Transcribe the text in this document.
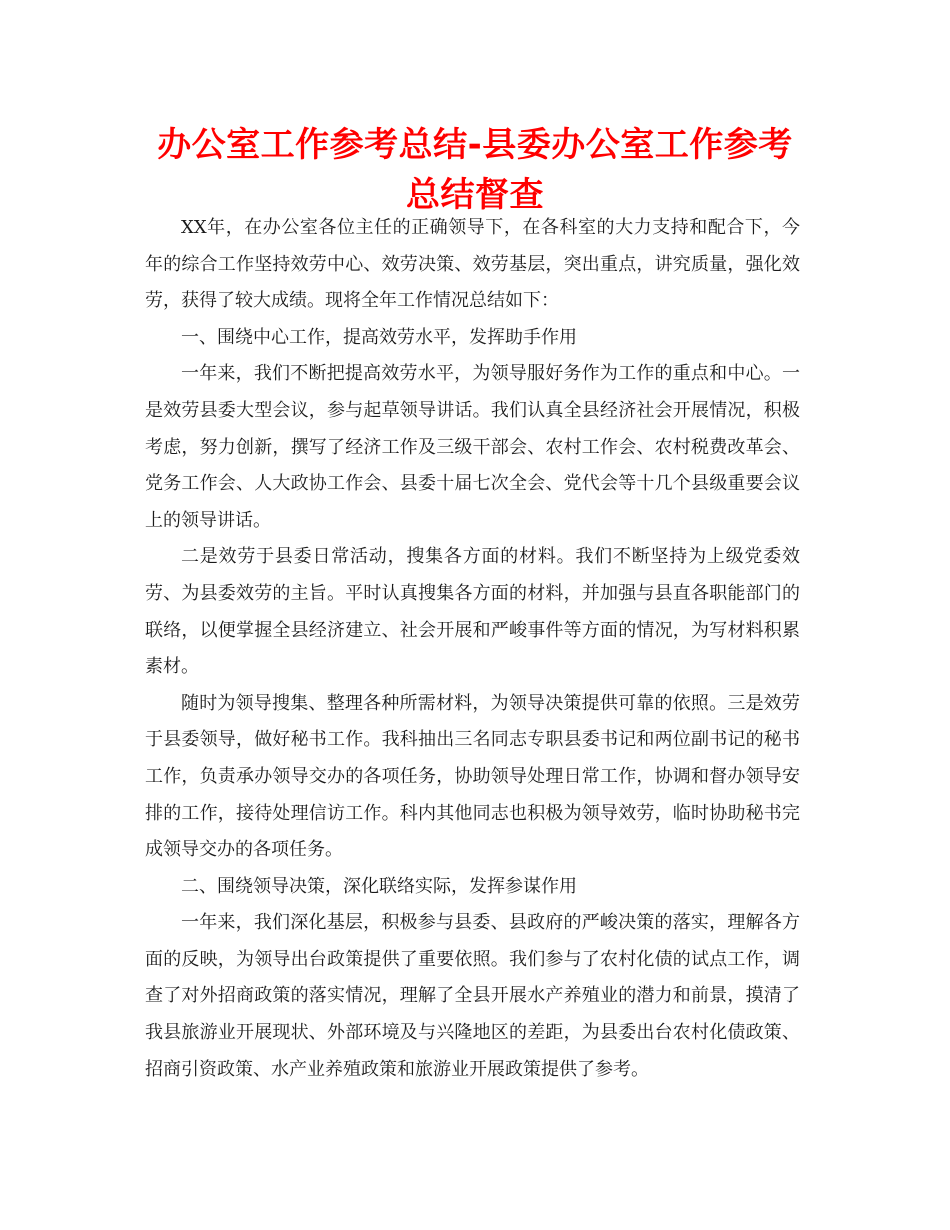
办公室工作参考总结-县委办公室工作参考总结督查

XX年，在办公室各位主任的正确领导下，在各科室的大力支持和配合下，今年的综合工作坚持效劳中心、效劳决策、效劳基层，突出重点，讲究质量，强化效劳，获得了较大成绩。现将全年工作情况总结如下：

一、围绕中心工作，提高效劳水平，发挥助手作用

一年来，我们不断把提高效劳水平，为领导服好务作为工作的重点和中心。一是效劳县委大型会议，参与起草领导讲话。我们认真全县经济社会开展情况，积极考虑，努力创新，撰写了经济工作及三级干部会、农村工作会、农村税费改革会、党务工作会、人大政协工作会、县委十届七次全会、党代会等十几个县级重要会议上的领导讲话。

二是效劳于县委日常活动，搜集各方面的材料。我们不断坚持为上级党委效劳、为县委效劳的主旨。平时认真搜集各方面的材料，并加强与县直各职能部门的联络，以便掌握全县经济建立、社会开展和严峻事件等方面的情况，为写材料积累素材。

随时为领导搜集、整理各种所需材料，为领导决策提供可靠的依照。三是效劳于县委领导，做好秘书工作。我科抽出三名同志专职县委书记和两位副书记的秘书工作，负责承办领导交办的各项任务，协助领导处理日常工作，协调和督办领导安排的工作，接待处理信访工作。科内其他同志也积极为领导效劳，临时协助秘书完成领导交办的各项任务。

二、围绕领导决策，深化联络实际，发挥参谋作用

一年来，我们深化基层，积极参与县委、县政府的严峻决策的落实，理解各方面的反映，为领导出台政策提供了重要依照。我们参与了农村化债的试点工作，调查了对外招商政策的落实情况，理解了全县开展水产养殖业的潜力和前景，摸清了我县旅游业开展现状、外部环境及与兴隆地区的差距，为县委出台农村化债政策、招商引资政策、水产业养殖政策和旅游业开展政策提供了参考。
